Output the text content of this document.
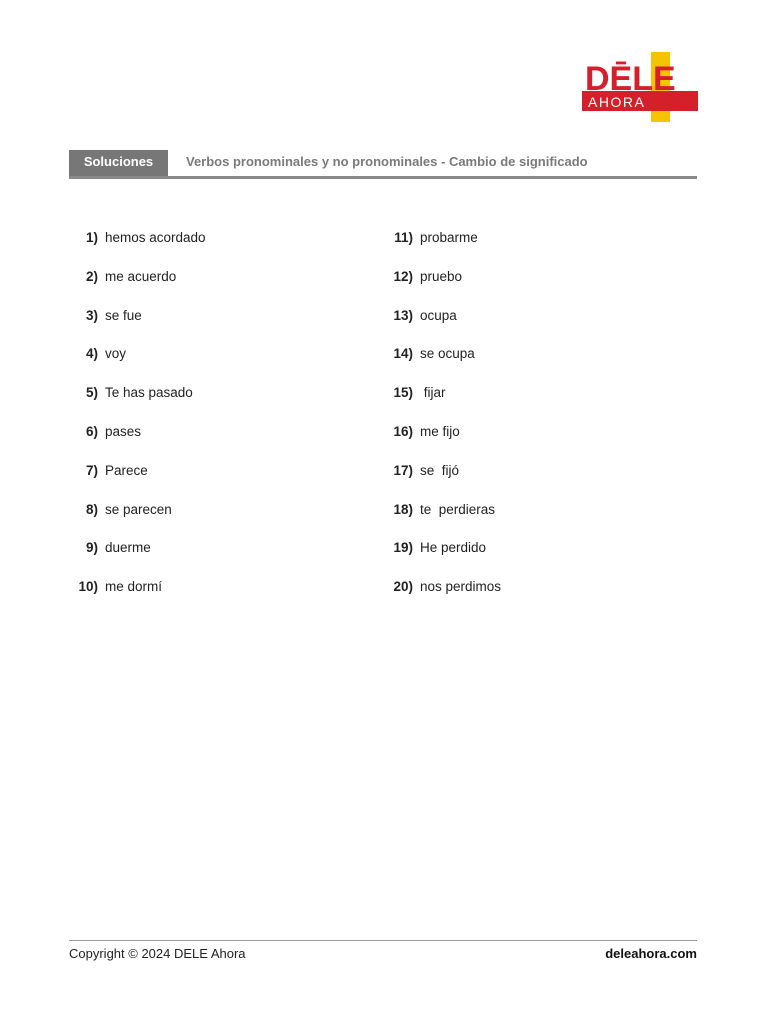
DĒLE
AHORA
Soluciones	Verbos pronominales y no pronominales - Cambio de significado
1) hemos acordado
2) me acuerdo
3) se fue
4) voy
5) Te has pasado
6) pases
7) Parece
8) se parecen
9) duerme
10) me dormí
11) probarme
12) pruebo
13) ocupa
14) se ocupa
15) fijar
16) me fijo
17) se  fijó
18) te  perdieras
19) He perdido
20) nos perdimos
Copyright © 2024 DELE Ahora	deleahora.com
